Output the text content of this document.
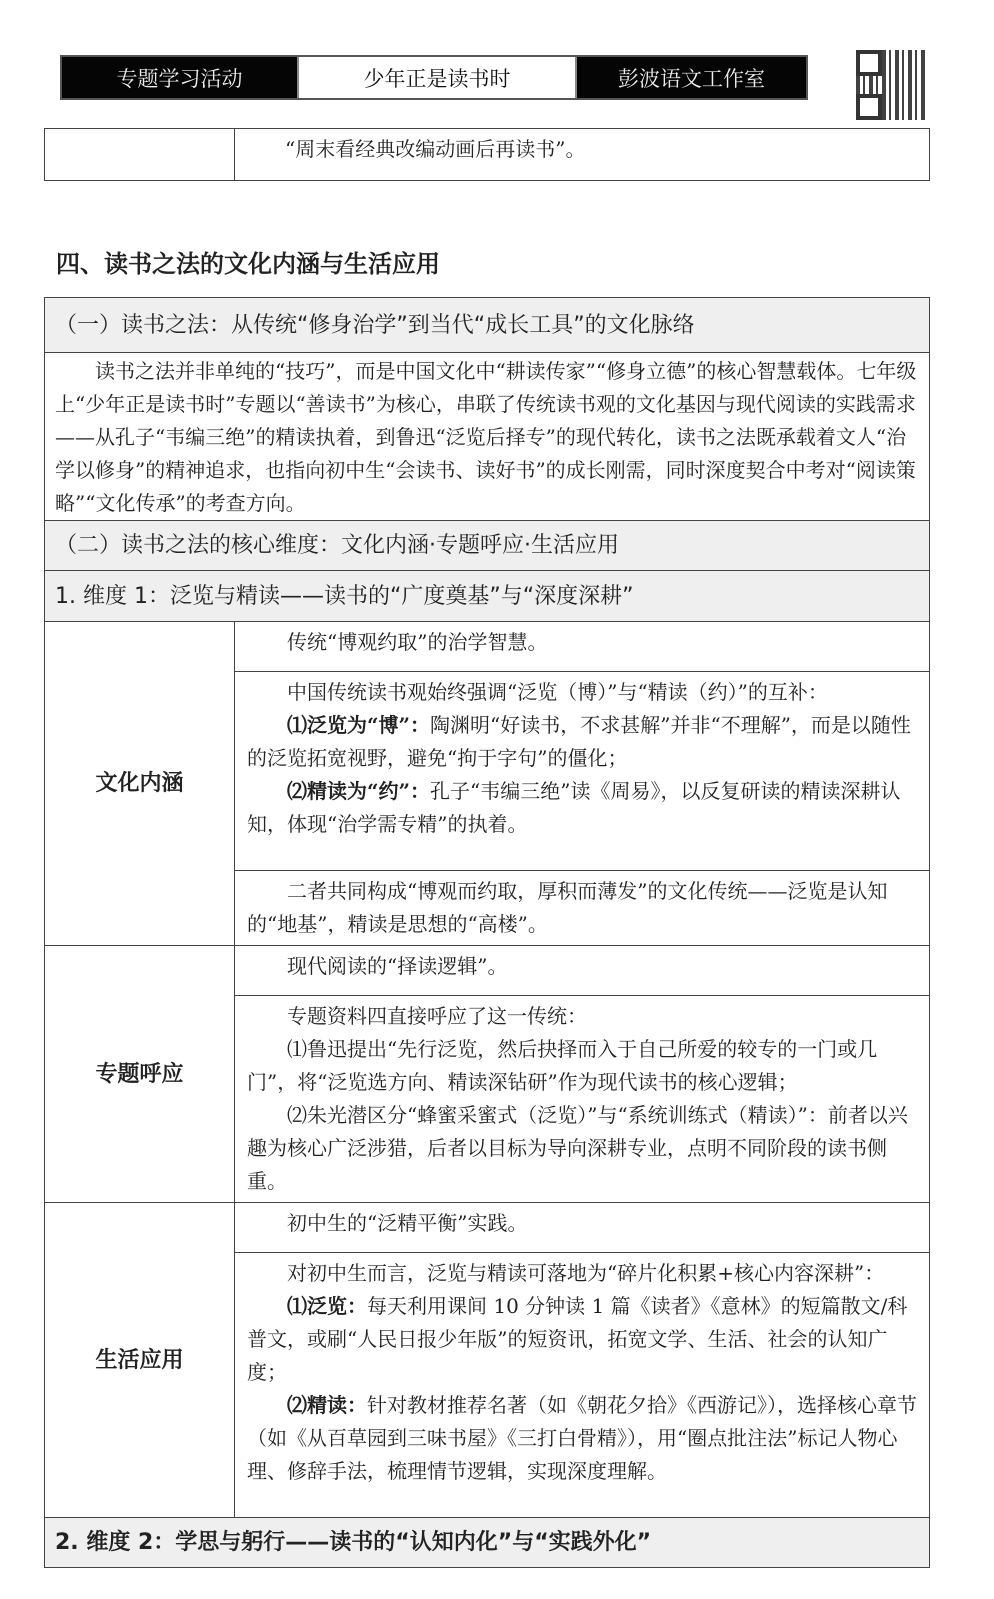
专题学习活动	少年正是读书时	彭波语文工作室
	“周末看经典改编动画后再读书”。
四、读书之法的文化内涵与生活应用
（一）读书之法：从传统“修身治学”到当代“成长工具”的文化脉络	
读书之法并非单纯的“技巧”，而是中国文化中“耕读传家”“修身立德”的核心智慧载体。七年级上“少年正是读书时”专题以“善读书”为核心，串联了传统读书观的文化基因与现代阅读的实践需求——从孔子“韦编三绝”的精读执着，到鲁迅“泛览后择专”的现代转化，读书之法既承载着文人“治学以修身”的精神追求，也指向初中生“会读书、读好书”的成长刚需，同时深度契合中考对“阅读策略”“文化传承”的考查方向。	
（二）读书之法的核心维度：文化内涵·专题呼应·生活应用	
1. 维度 1：泛览与精读——读书的“广度奠基”与“深度深耕”	
文化内涵	传统“博观约取”的治学智慧。

	中国传统读书观始终强调“泛览（博）”与“精读（约）”的互补：
⑴泛览为“博”：陶渊明“好读书，不求甚解”并非“不理解”，而是以随性的泛览拓宽视野，避免“拘于字句”的僵化；
⑵精读为“约”：孔子“韦编三绝”读《周易》，以反复研读的精读深耕认知，体现“治学需专精”的执着。

	二者共同构成“博观而约取，厚积而薄发”的文化传统——泛览是认知的“地基”，精读是思想的“高楼”。
专题呼应	现代阅读的“择读逻辑”。

	专题资料四直接呼应了这一传统：
⑴鲁迅提出“先行泛览，然后抉择而入于自己所爱的较专的一门或几门”，将“泛览选方向、精读深钻研”作为现代读书的核心逻辑；
⑵朱光潜区分“蜂蜜采蜜式（泛览）”与“系统训练式（精读）”：前者以兴趣为核心广泛涉猎，后者以目标为导向深耕专业，点明不同阶段的读书侧重。

生活应用	初中生的“泛精平衡”实践。

	对初中生而言，泛览与精读可落地为“碎片化积累+核心内容深耕”：
⑴泛览：每天利用课间 10 分钟读 1 篇《读者》《意林》的短篇散文/科普文，或刷“人民日报少年版”的短资讯，拓宽文学、生活、社会的认知广度；
⑵精读：针对教材推荐名著（如《朝花夕拾》《西游记》），选择核心章节（如《从百草园到三味书屋》《三打白骨精》），用“圈点批注法”标记人物心理、修辞手法，梳理情节逻辑，实现深度理解。

2. 维度 2：学思与躬行——读书的“认知内化”与“实践外化”	
